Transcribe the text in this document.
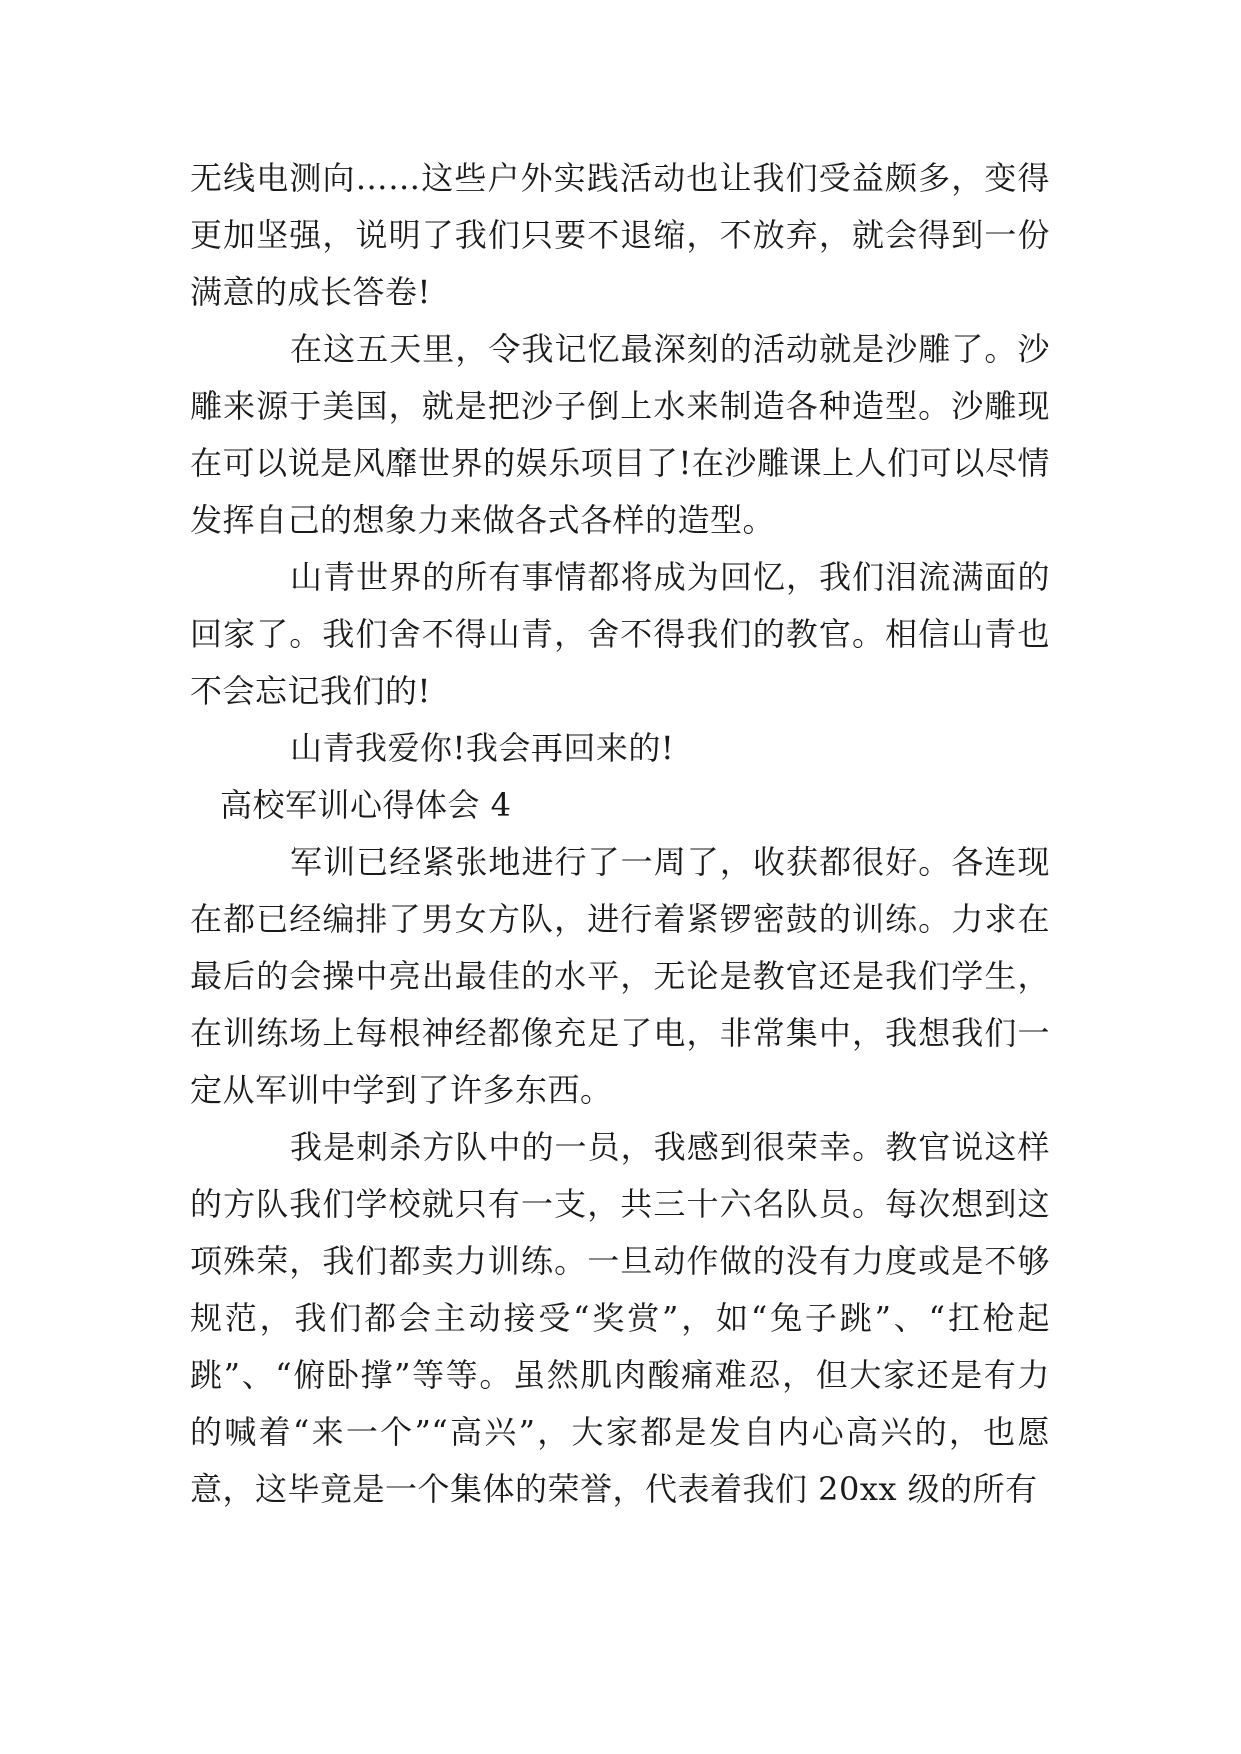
无线电测向……这些户外实践活动也让我们受益颇多，变得更加坚强，说明了我们只要不退缩，不放弃，就会得到一份满意的成长答卷!

在这五天里，令我记忆最深刻的活动就是沙雕了。沙雕来源于美国，就是把沙子倒上水来制造各种造型。沙雕现在可以说是风靡世界的娱乐项目了!在沙雕课上人们可以尽情发挥自己的想象力来做各式各样的造型。

山青世界的所有事情都将成为回忆，我们泪流满面的回家了。我们舍不得山青，舍不得我们的教官。相信山青也不会忘记我们的!

山青我爱你!我会再回来的!

高校军训心得体会 4

军训已经紧张地进行了一周了，收获都很好。各连现在都已经编排了男女方队，进行着紧锣密鼓的训练。力求在最后的会操中亮出最佳的水平，无论是教官还是我们学生，在训练场上每根神经都像充足了电，非常集中，我想我们一定从军训中学到了许多东西。

我是刺杀方队中的一员，我感到很荣幸。教官说这样的方队我们学校就只有一支，共三十六名队员。每次想到这项殊荣，我们都卖力训练。一旦动作做的没有力度或是不够规范，我们都会主动接受“奖赏”，如“兔子跳”、“扛枪起跳”、“俯卧撑”等等。虽然肌肉酸痛难忍，但大家还是有力的喊着“来一个”“高兴”，大家都是发自内心高兴的，也愿意，这毕竟是一个集体的荣誉，代表着我们 20xx 级的所有
